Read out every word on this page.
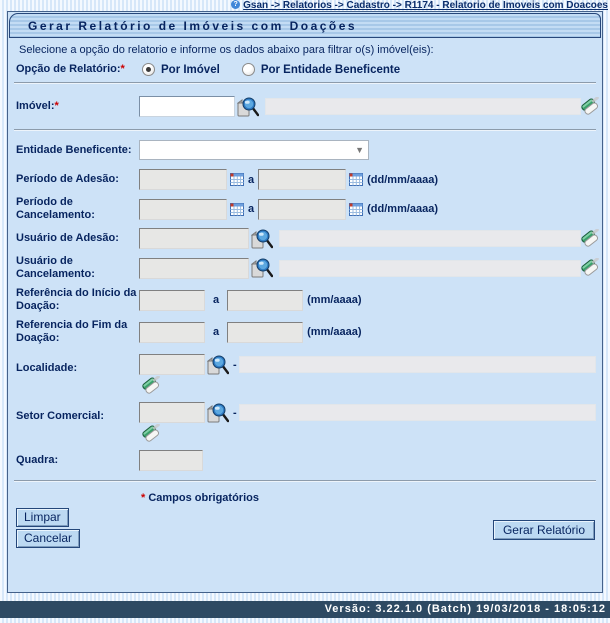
? $^{Gsan -> Relatorios -> Cadastro -> R1174 - Relatorio de Imoveis com Doacoes}$
Gerar Relatório de Imóveis com Doações
Selecione a opção do relatorio e informe os dados abaixo para filtrar o(s) imóvel(eis):
Opção de Relatório:*	Por Imóvel	Por Entidade Beneficente
Imóvel:*
Entidade Beneficente:	▼
Período de Adesão:	a	(dd/mm/aaaa)
Período de Cancelamento:	a	(dd/mm/aaaa)
Usuário de Adesão:
Usuário de Cancelamento:
Referência do Início da Doação:	a	(mm/aaaa)
Referencia do Fim da Doação:	a	(mm/aaaa)
Localidade:	-
Setor Comercial:	-
Quadra:
* Campos obrigatórios
Limpar
Cancelar
Gerar Relatório
Versão: 3.22.1.0 (Batch) 19/03/2018 - 18:05:12
